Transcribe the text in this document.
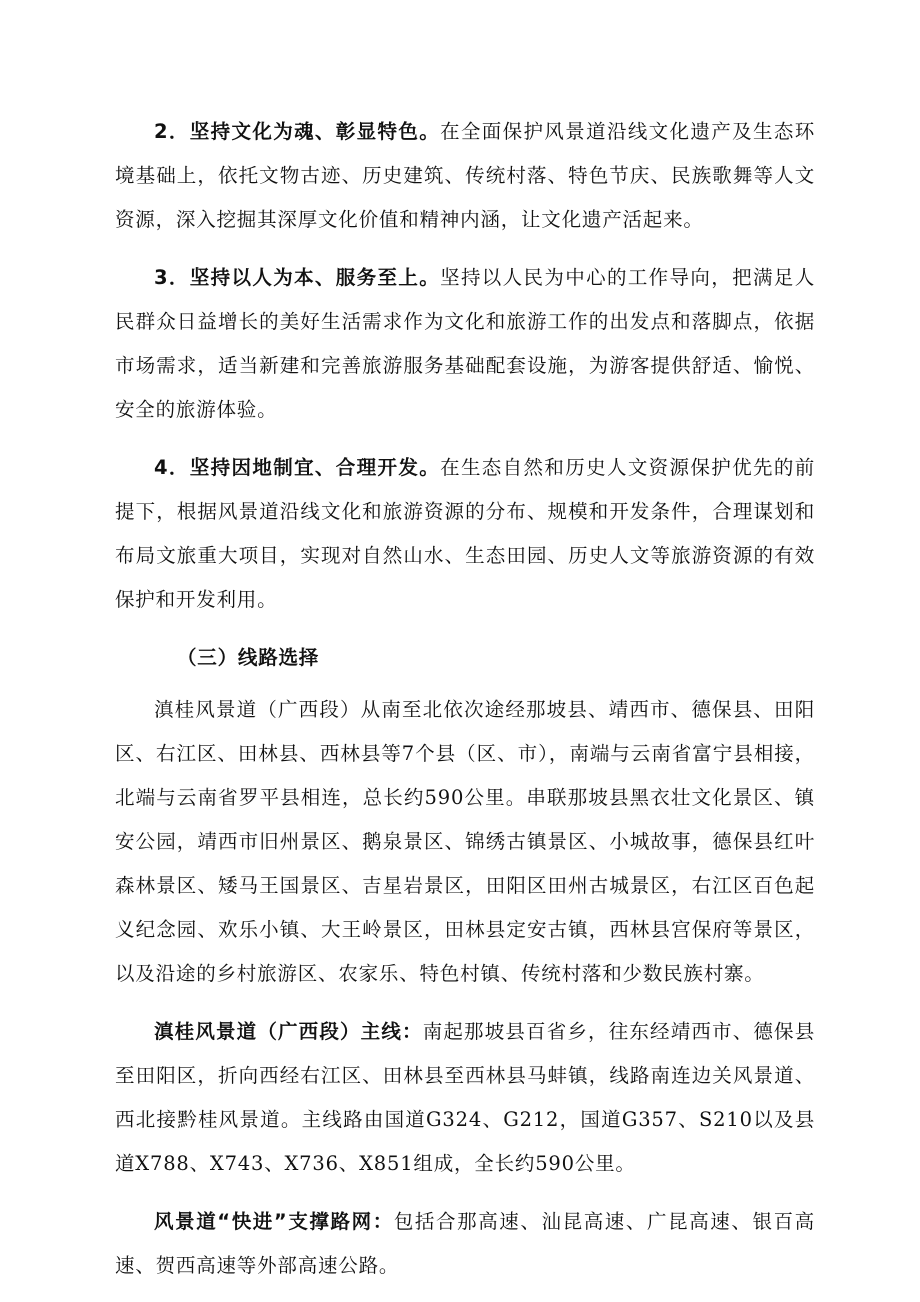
2．坚持文化为魂、彰显特色。在全面保护风景道沿线文化遗产及生态环境基础上，依托文物古迹、历史建筑、传统村落、特色节庆、民族歌舞等人文资源，深入挖掘其深厚文化价值和精神内涵，让文化遗产活起来。

3．坚持以人为本、服务至上。坚持以人民为中心的工作导向，把满足人民群众日益增长的美好生活需求作为文化和旅游工作的出发点和落脚点，依据市场需求，适当新建和完善旅游服务基础配套设施，为游客提供舒适、愉悦、安全的旅游体验。

4．坚持因地制宜、合理开发。在生态自然和历史人文资源保护优先的前提下，根据风景道沿线文化和旅游资源的分布、规模和开发条件，合理谋划和布局文旅重大项目，实现对自然山水、生态田园、历史人文等旅游资源的有效保护和开发利用。

（三）线路选择

滇桂风景道（广西段）从南至北依次途经那坡县、靖西市、德保县、田阳区、右江区、田林县、西林县等7个县（区、市），南端与云南省富宁县相接，北端与云南省罗平县相连，总长约590公里。串联那坡县黑衣壮文化景区、镇安公园，靖西市旧州景区、鹅泉景区、锦绣古镇景区、小城故事，德保县红叶森林景区、矮马王国景区、吉星岩景区，田阳区田州古城景区，右江区百色起义纪念园、欢乐小镇、大王岭景区，田林县定安古镇，西林县宫保府等景区，以及沿途的乡村旅游区、农家乐、特色村镇、传统村落和少数民族村寨。

滇桂风景道（广西段）主线：南起那坡县百省乡，往东经靖西市、德保县至田阳区，折向西经右江区、田林县至西林县马蚌镇，线路南连边关风景道、西北接黔桂风景道。主线路由国道G324、G212，国道G357、S210以及县道X788、X743、X736、X851组成，全长约590公里。

风景道“快进”支撑路网：包括合那高速、汕昆高速、广昆高速、银百高速、贺西高速等外部高速公路。
